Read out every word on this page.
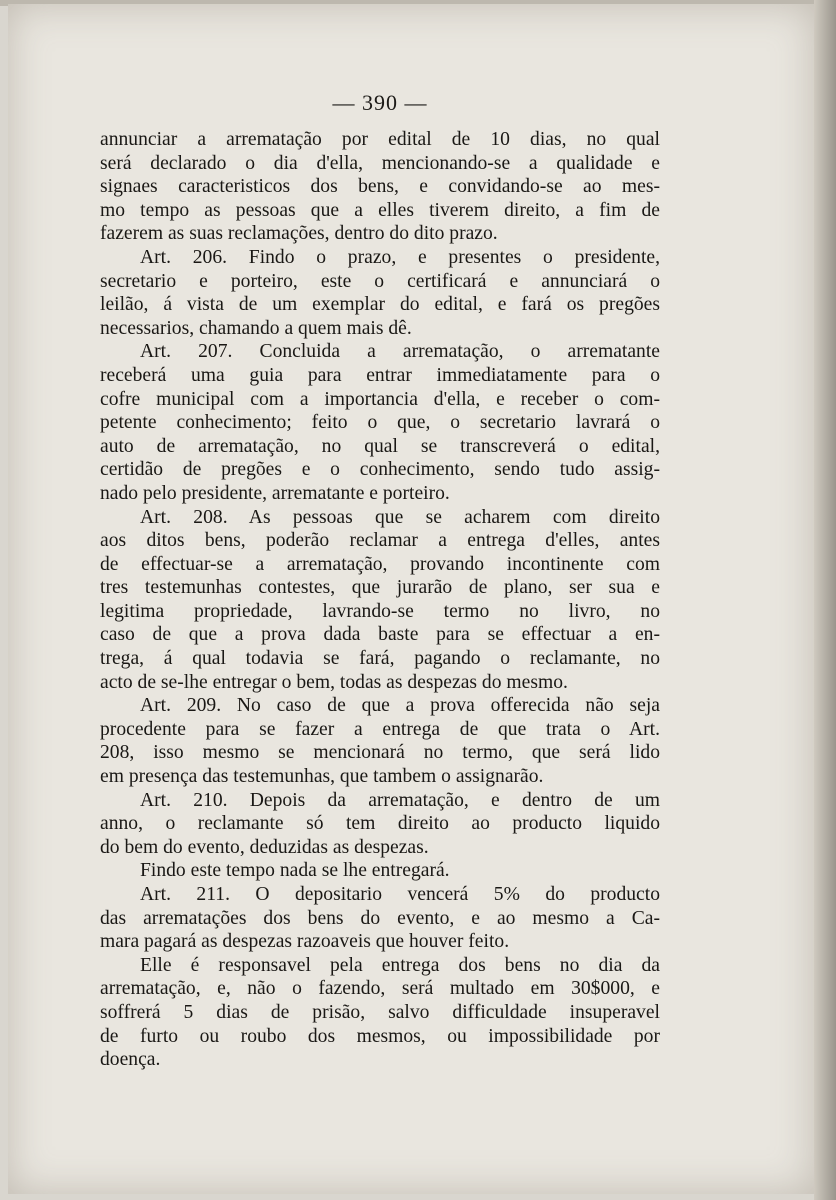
— 390 —
annunciar a arrematação por edital de 10 dias, no qual
será declarado o dia d'ella, mencionando-se a qualidade e
signaes caracteristicos dos bens, e convidando-se ao mes-
mo tempo as pessoas que a elles tiverem direito, a fim de
fazerem as suas reclamações, dentro do dito prazo.
Art. 206. Findo o prazo, e presentes o presidente,
secretario e porteiro, este o certificará e annunciará o
leilão, á vista de um exemplar do edital, e fará os pregões
necessarios, chamando a quem mais dê.
Art. 207. Concluida a arrematação, o arrematante
receberá uma guia para entrar immediatamente para o
cofre municipal com a importancia d'ella, e receber o com-
petente conhecimento; feito o que, o secretario lavrará o
auto de arrematação, no qual se transcreverá o edital,
certidão de pregões e o conhecimento, sendo tudo assig-
nado pelo presidente, arrematante e porteiro.
Art. 208. As pessoas que se acharem com direito
aos ditos bens, poderão reclamar a entrega d'elles, antes
de effectuar-se a arrematação, provando incontinente com
tres testemunhas contestes, que jurarão de plano, ser sua e
legitima propriedade, lavrando-se termo no livro, no
caso de que a prova dada baste para se effectuar a en-
trega, á qual todavia se fará, pagando o reclamante, no
acto de se-lhe entregar o bem, todas as despezas do mesmo.
Art. 209. No caso de que a prova offerecida não seja
procedente para se fazer a entrega de que trata o Art.
208, isso mesmo se mencionará no termo, que será lido
em presença das testemunhas, que tambem o assignarão.
Art. 210. Depois da arrematação, e dentro de um
anno, o reclamante só tem direito ao producto liquido
do bem do evento, deduzidas as despezas.
Findo este tempo nada se lhe entregará.
Art. 211. O depositario vencerá 5% do producto
das arrematações dos bens do evento, e ao mesmo a Ca-
mara pagará as despezas razoaveis que houver feito.
Elle é responsavel pela entrega dos bens no dia da
arrematação, e, não o fazendo, será multado em 30$000, e
soffrerá 5 dias de prisão, salvo difficuldade insuperavel
de furto ou roubo dos mesmos, ou impossibilidade por
doença.
